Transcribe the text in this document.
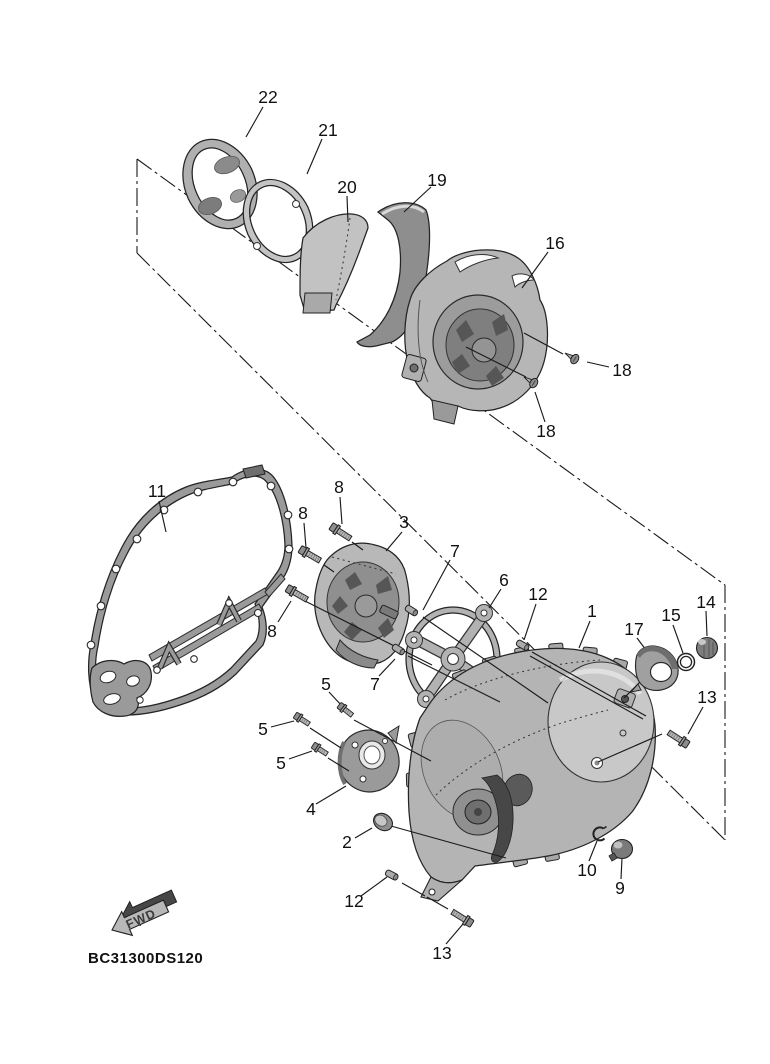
22
21
20	19
16
18
18
11	8
8
8
3
7
7
6
12
1
17
15
14
13
5
5
5
4
2
12
13
10
9
FWD
BC31300DS120
